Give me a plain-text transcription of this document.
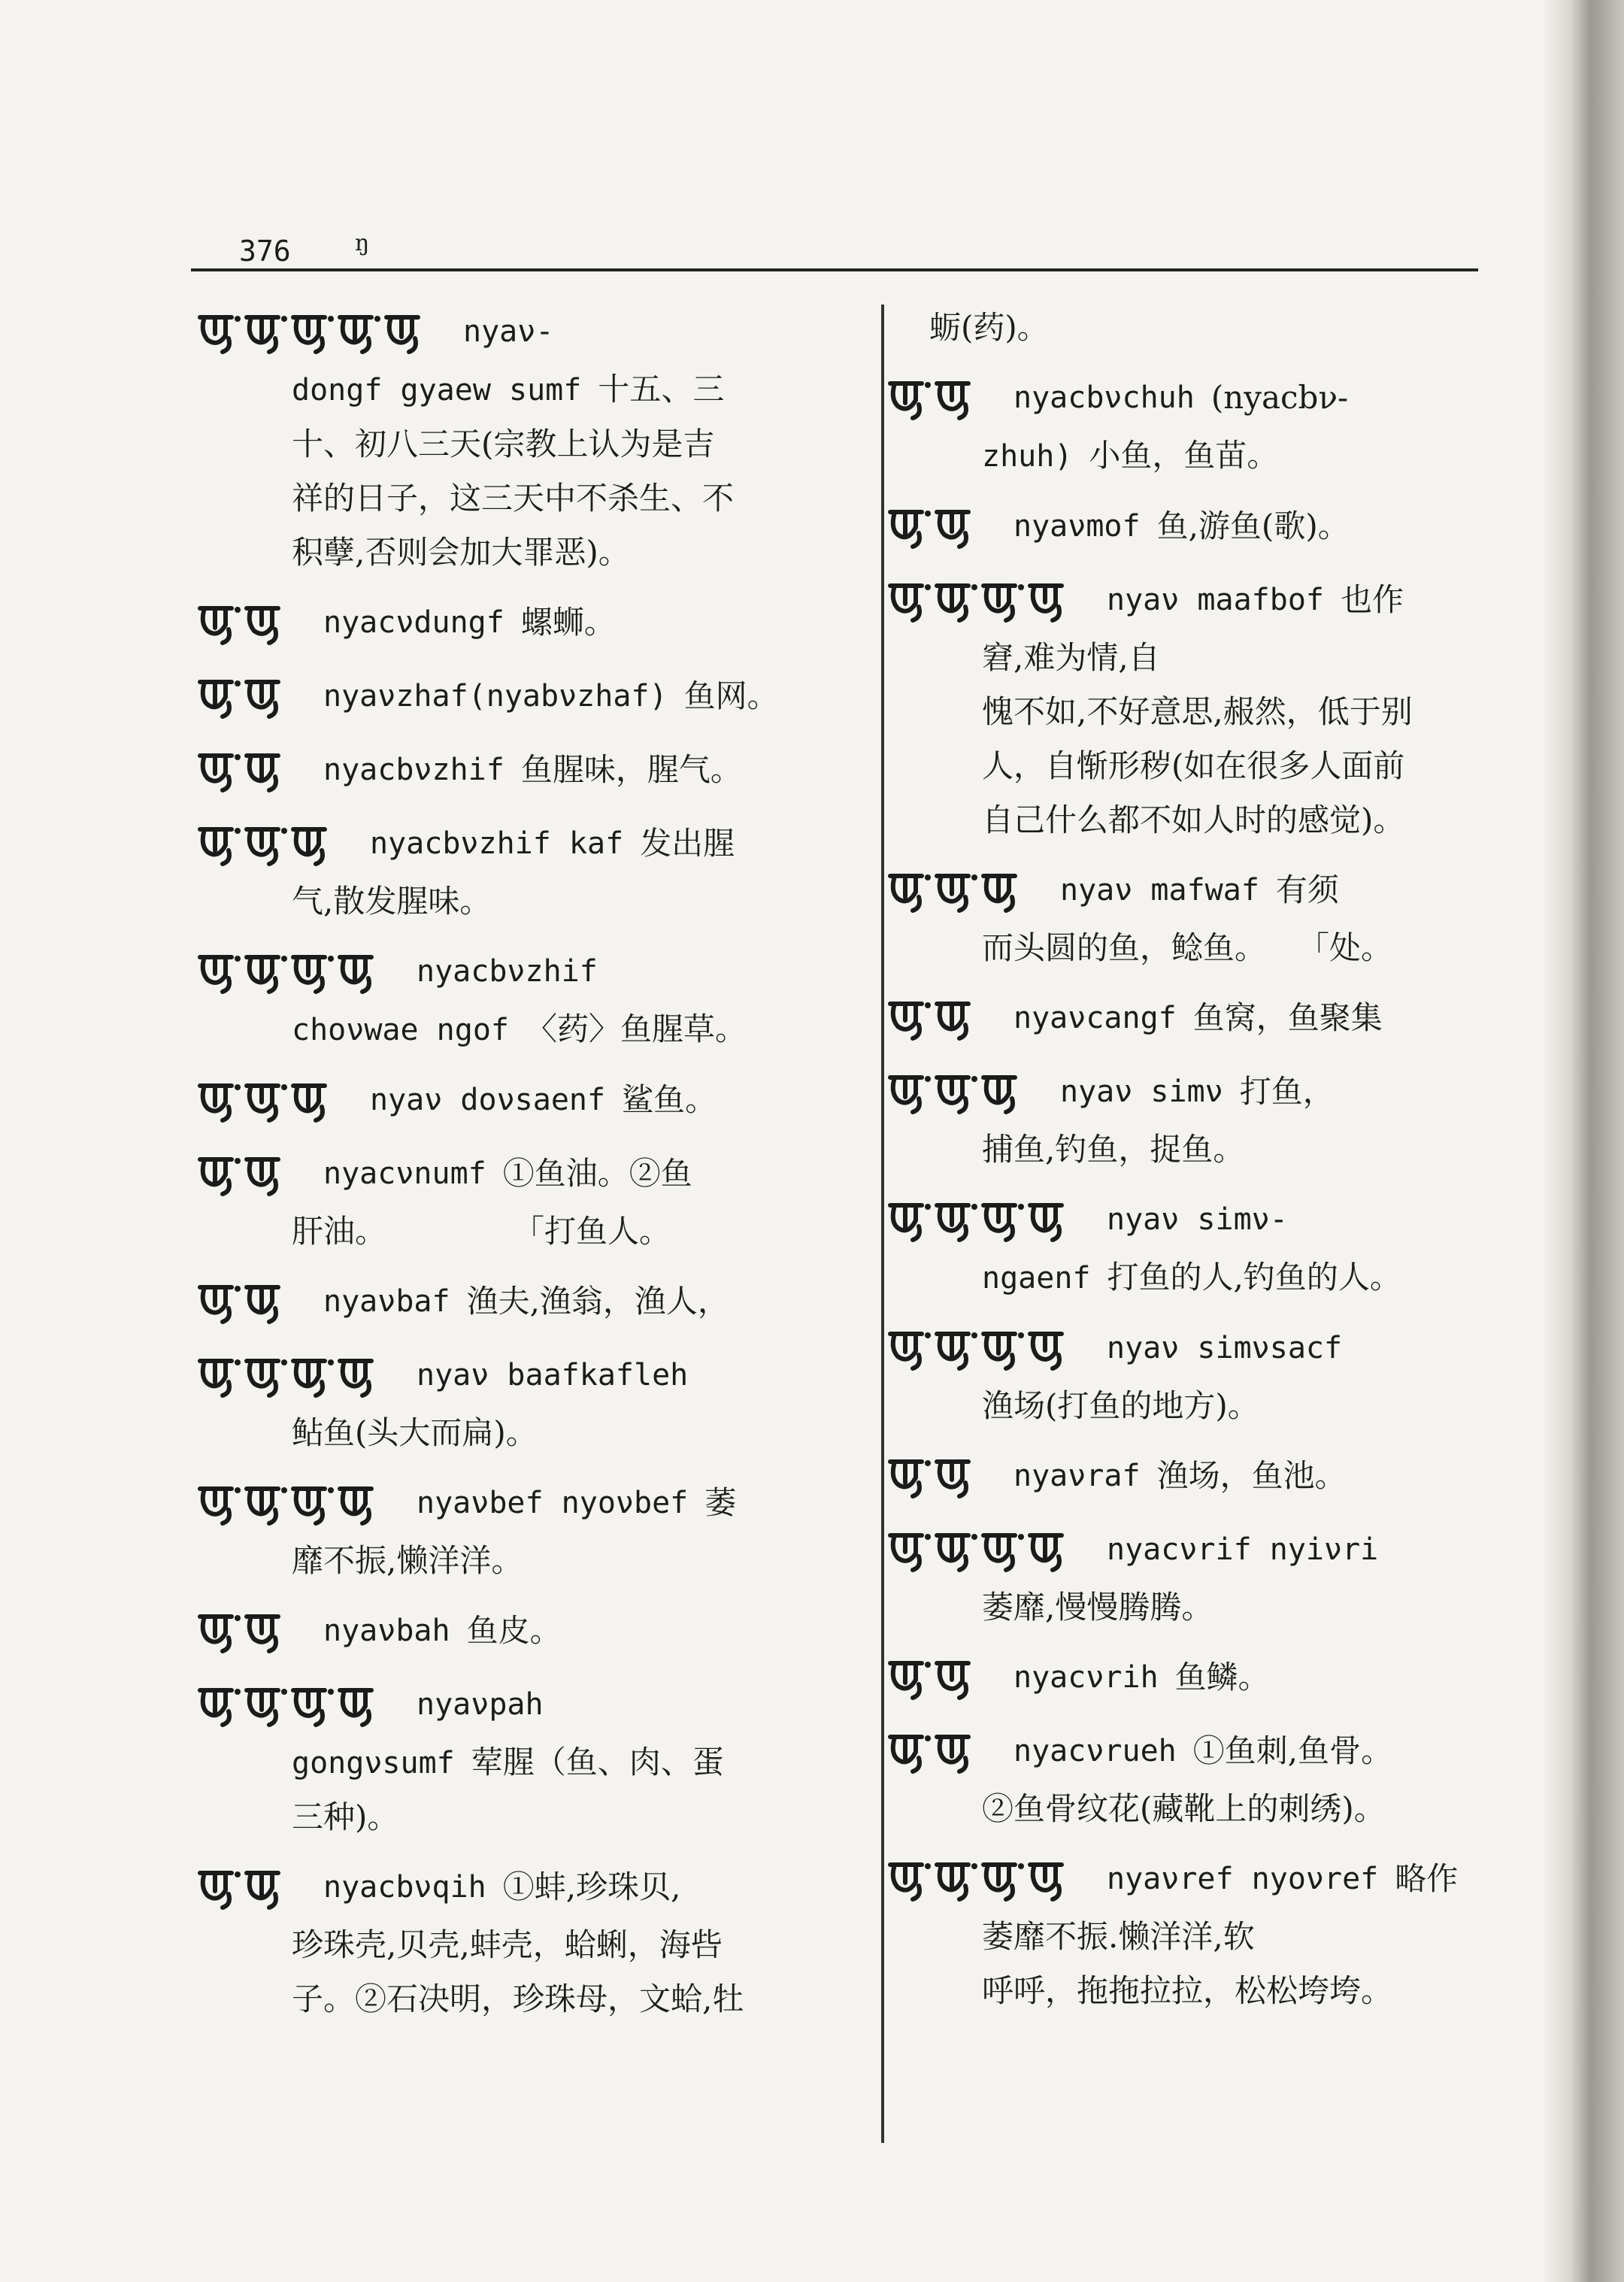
376	ŋ
nyaν-
dongf gyaew sumf 十五、三
十、初八三天(宗教上认为是吉
祥的日子，这三天中不杀生、不
积孽,否则会加大罪恶)。
nyacνdungf 螺蛳。
nyaνzhaf(nyabνzhaf) 鱼网。
nyacbνzhif 鱼腥味，腥气。
nyacbνzhif kaf 发出腥
气,散发腥味。
nyacbνzhif
choνwae ngof 〈药〉鱼腥草。
nyaν doνsaenf 鲨鱼。
nyacνnumf ①鱼油。②鱼
肝油。　　　　　「打鱼人。
nyaνbaf 渔夫,渔翁，渔人，
nyaν baafkafleh
鲇鱼(头大而扁)。
nyaνbef nyoνbef 萎
靡不振,懒洋洋。
nyaνbah 鱼皮。
nyaνpah
gongνsumf 荤腥（鱼、肉、蛋
三种)。
nyacbνqih ①蚌,珍珠贝,
珍珠壳,贝壳,蚌壳，蛤蜊，海呰
子。②石决明，珍珠母，文蛤,牡
蛎(药)。
nyacbνchuh (nyacbν-
zhuh) 小鱼，鱼苗。
nyaνmof 鱼,游鱼(歌)。
nyaν maafbof 也作
窘,难为情,自
愧不如,不好意思,赧然，低于别
人，自惭形秽(如在很多人面前
自己什么都不如人时的感觉)。
nyaν mafwaf 有须
而头圆的鱼，鲶鱼。　　「处。
nyaνcangf 鱼窝，鱼聚集
nyaν simν 打鱼，
捕鱼,钓鱼，捉鱼。
nyaν simν-
ngaenf 打鱼的人,钓鱼的人。
nyaν simνsacf
渔场(打鱼的地方)。
nyaνraf 渔场，鱼池。
nyacνrif nyiνri
萎靡,慢慢腾腾。
nyacνrih 鱼鳞。
nyacνrueh ①鱼刺,鱼骨。
②鱼骨纹花(藏靴上的刺绣)。
nyaνref nyoνref 略作
萎靡不振.懒洋洋,软
呼呼，拖拖拉拉，松松垮垮。
